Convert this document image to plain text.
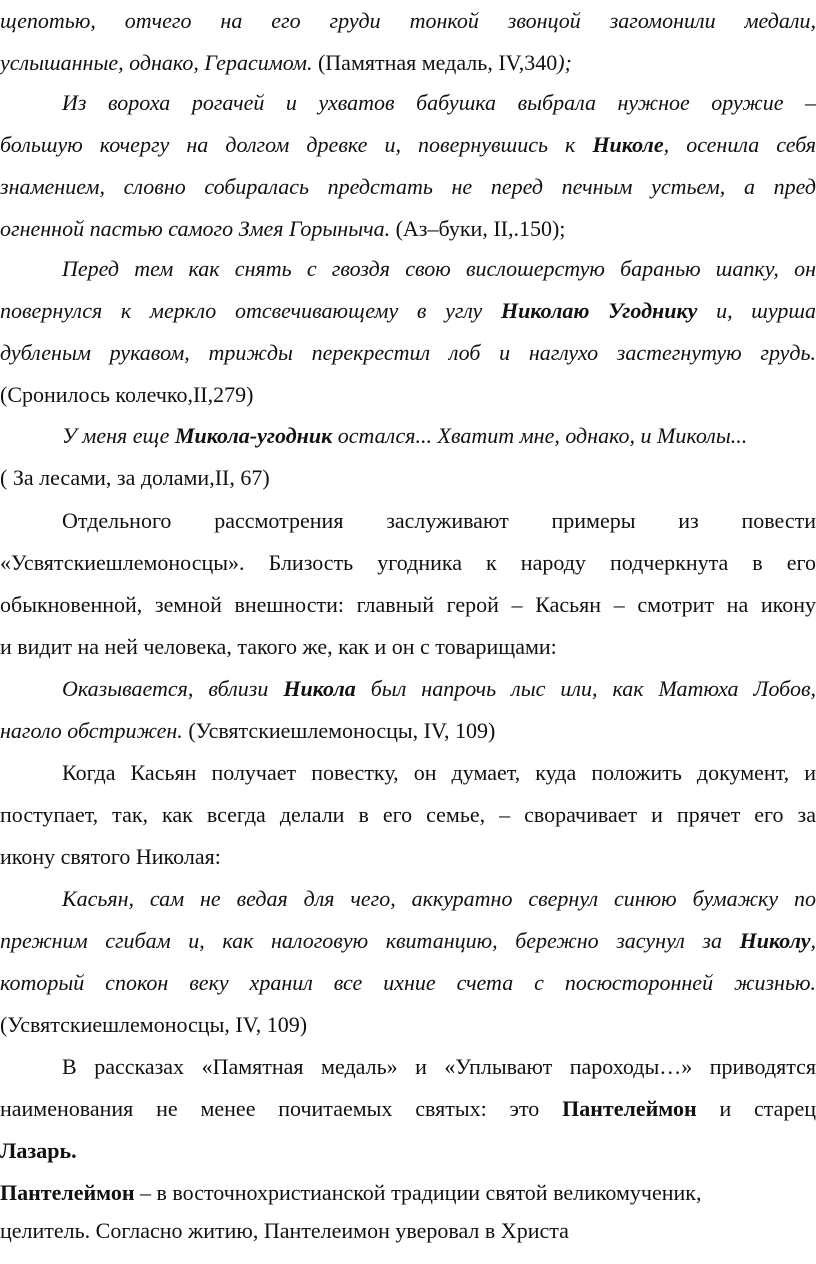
щепотью, отчего на его груди тонкой звонцой загомонили медали,
услышанные, однако, Герасимом. (Памятная медаль, IV,340);
Из вороха рогачей и ухватов бабушка выбрала нужное оружие –
большую кочергу на долгом древке и, повернувшись к Николе, осенила себя
знамением, словно собиралась предстать не перед печным устьем, а пред
огненной пастью самого Змея Горыныча. (Аз–буки, II,.150);
Перед тем как снять с гвоздя свою вислошерстую баранью шапку, он
повернулся к меркло отсвечивающему в углу Николаю Угоднику и, шурша
дубленым рукавом, трижды перекрестил лоб и наглухо застегнутую грудь.
(Сронилось колечко,II,279)
У меня еще Микола-угодник остался... Хватит мне, однако, и Миколы...
( За лесами, за долами,II, 67)
Отдельного рассмотрения заслуживают примеры из повести
«Усвятскиешлемоносцы». Близость угодника к народу подчеркнута в его
обыкновенной, земной внешности: главный герой – Касьян – смотрит на икону
и видит на ней человека, такого же, как и он с товарищами:
Оказывается, вблизи Никола был напрочь лыс или, как Матюха Лобов,
наголо обстрижен. (Усвятскиешлемоносцы, IV, 109)
Когда Касьян получает повестку, он думает, куда положить документ, и
поступает, так, как всегда делали в его семье, – сворачивает и прячет его за
икону святого Николая:
Касьян, сам не ведая для чего, аккуратно свернул синюю бумажку по
прежним сгибам и, как налоговую квитанцию, бережно засунул за Николу,
который спокон веку хранил все ихние счета с посюсторонней жизнью.
(Усвятскиешлемоносцы, IV, 109)
В рассказах «Памятная медаль» и «Уплывают пароходы…» приводятся
наименования не менее почитаемых святых: это Пантелеймон и старец
Лазарь.
Пантелеймон – в восточнохристианской традиции святой великомученик,
целитель. Согласно житию, Пантелеимон уверовал в Христа
